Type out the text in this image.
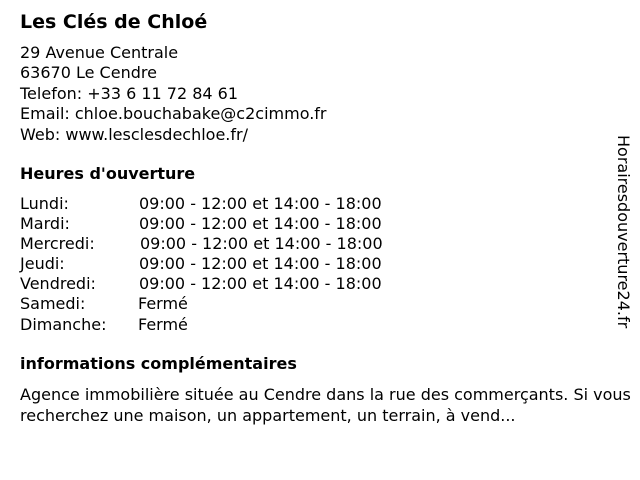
Les Clés de Chloé
29 Avenue Centrale
63670 Le Cendre
Telefon: +33 6 11 72 84 61
Email: chloe.bouchabake@c2cimmo.fr
Web: www.lesclesdechloe.fr/
Heures d'ouverture
Lundi:	09:00 - 12:00 et 14:00 - 18:00
Mardi:	09:00 - 12:00 et 14:00 - 18:00
Mercredi:	09:00 - 12:00 et 14:00 - 18:00
Jeudi:	09:00 - 12:00 et 14:00 - 18:00
Vendredi:	09:00 - 12:00 et 14:00 - 18:00
Samedi:	Fermé
Dimanche: Fermé
informations complémentaires
Agence immobilière située au Cendre dans la rue des commerçants. Si vous recherchez une maison, un appartement, un terrain, à vend...
Horairesdouverture24.fr
